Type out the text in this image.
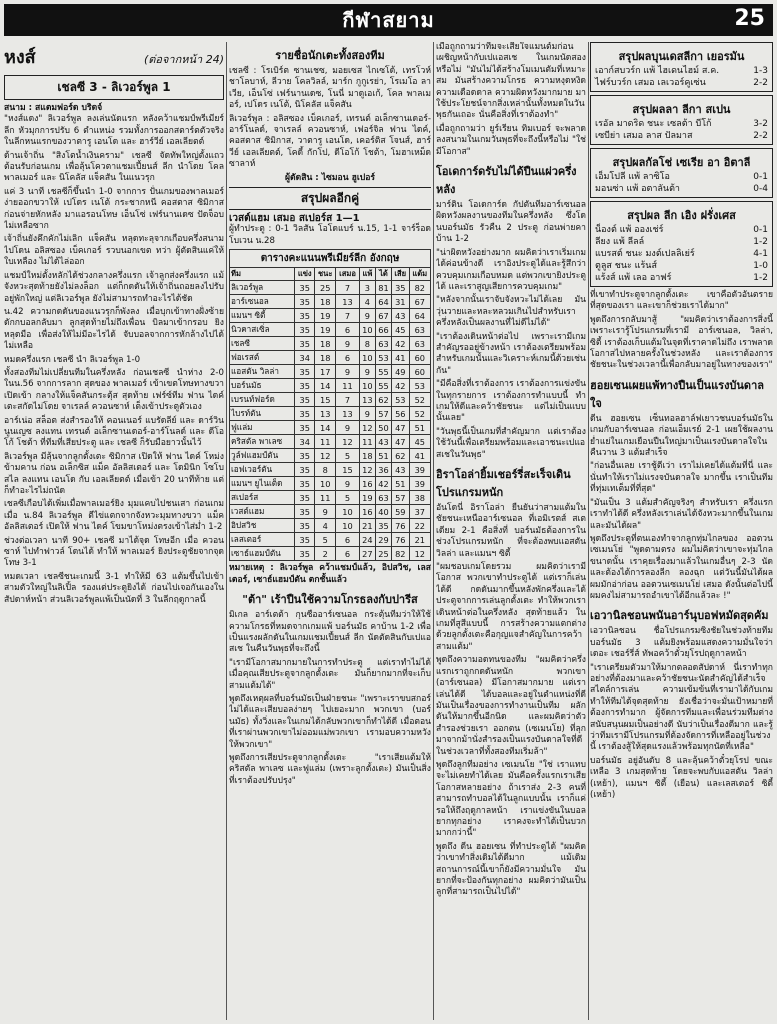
กีฬาสยาม	25
หงส์	(ต่อจากหน้า 24)
เชลซี 3 - ลิเวอร์พูล 1
สนาม : สแตมฟอร์ด บริดจ์

"หงส์แดง" ลิเวอร์พูล ลงเล่นนัดแรก หลังคว้าแชมป์พรีเมียร์ลีก หัวมุกการปรับ 6 ตำแหน่ง รวมทั้งการออกสตาร์ตตัวจริงในลีกหนแรกของวาตารู เอนโด และ ฮาร์วีย์ เอลเลียตต์

ด้านเจ้าถิ่น "สิงโตน้ำเงินคราม" เชลซี จัดทัพใหญ่ตั้งแถวต้อนรับก่อนเกม เพื่อลุ้นโควตาแชมเปี้ยนส์ ลีก นำโดย โคล พาลเมอร์ และ นิโคลัส แจ็คสัน ในแนวรุก

แค่ 3 นาที เชลซีก็ขึ้นนำ 1-0 จากการ ปั่นเกมของพาลเมอร์ ง่ายออกขวาให้ เปโดร เนโต้ กระชากหนี คอสตาส ซิมิกาส ก่อนจ่ายหักหลัง มาแอรอนโทษ เอ็นโซ่ เฟร์นานเดซ ปัดจ็อบ ไม่เหลือซาก

เจ้าถิ่นยังคึกคักไม่เลิก แจ็คสัน หลุดทะลุจากเกือบครึ่งสนามไปโดน อลิสซอง เบ็คเกอร์ รวบนอกเขต ทว่า ผู้ตัดสินแค่ให้ใบเหลือง ไม่ได้ไล่ออก

แชมป์ใหม่ตั้งหลักได้ช่วงกลางครึ่งแรก เจ้าลูกส่งครึ่งแรก แม้จังหวะสุดท้ายยังไม่ลงล็อก แต่ก็กดดันให้เจ้าถิ่นถอยลงไปรับอยู่พักใหญ่ แต่ลิเวอร์พูล ยังไม่สามารถทำอะไรได้ชัด

น.42 ความกดดันของแนวรุกก็พังลง เมื่อบุกเข้าทางฝั่งซ้าย ดักกบอลกลับมา ลูกสุดท้ายไม่ถึงเพื่อน บิลมาเข้ากรอบ ยิงหลุดมือ เพื่อส่งให้ไม่มีอะไรได้ จับบอลจากการหักล้างไปได้ ไม่เหลือ

หมดครึ่งแรก เชลซี นำ ลิเวอร์พูล 1-0

ทั้งสองทีมไม่เปลี่ยนทีมในครึ่งหลัง ก่อนเชลซี นำห่าง 2-0 ในน.56 จากการลาก สุดของ พาลเมอร์ เข้าเขตโทษทางขวา เปิดเข้า กลางให้แจ็คสันกระตุ้ส สุดท้าย เฟร์ซ์ทีม ฟาน ไดค์ เตะสกัดไม่โดย จาเรลล์ ควอนซาห์ เต็งเข้าประตูตัวเอง

อาร์เน่อ สล็อต ส่งสำรองให้ คอนเนอร์ แบรัดลีย์ และ ดาร์วิน นูนเญซ ลงแทน เทรนต์ อเล็กซานเดอร์-อาร์โนลด์ และ ดีโอโก้ โชต้า ที่ทีมที่เสียประตู และ เชลซี ก็รับมือยาวนั้นไว้

ลิเวอร์พูล มีลุ้นจากลูกตั้งเตะ ซิมิกาส เปิดให้ ฟาน ไดค์ โหม่งข้ามคาน ก่อน อเล็กซิส แม็ค อัลลิสเตอร์ และ โดมินิก โซโบสไล ลงแทน เอนโด กับ เอลเลียตต์ เมื่อเข้า 20 นาทีท้าย แต่ก็ทำอะไรไม่ถนัด

เชลซีเกือบได้เพิ่มเมื่อพาลเมอร์ยิง มุมแคบไปชนเสา ก่อนเกมเมื่อ น.84 ลิเวอร์พูล ตีไข่แตกจากจังหวะมุมทางขวา แม็ค อัลลิสเตอร์ เปิดให้ ฟาน ไดค์ โขมขาโหม่งตรงเข้าไส่ม่ำ 1-2

ช่วงต่อเวลา นาที 90+ เชลซี มาได้จุด โทษอีก เมื่อ ควอนซาห์ ไปทำฟาวล์ โดนได้ ทำให้ พาลเมอร์ ยิงประตูชัยจากจุดโทษ 3-1

หมดเวลา เชลซีชนะเกมนี้ 3-1 ทำให้มี 63 แต้มขึ้นไปเข้าสามตัวใหญ่ในลิเปิ้ล รองแต่ประตูยิงได้ ก่อนไปเจอกันเองในสัปดาห์หน้า ส่วนลิเวอร์พูลแพ้เป็นนัดที่ 3 ในลีกฤดูกาลนี้

รายชื่อนักเตะทั้งสองทีม

เชลซี : โรเบิร์ต ซานเชซ, มอยเซส ไกเซโด้, เทรโวห์ ชาโลบาห์, ลีวาย โคลวิลล์, มาร์ก กูกูเรย่า, โรเมโอ ลาเวีย, เอ็นโซ่ เฟร์นานเดซ, โนนี่ มาดูเอเก้, โคล พาลเมอร์, เปโดร เนโต้, นิโคลัส แจ็คสัน

ลิเวอร์พูล : อลิสซอง เบ็คเกอร์, เทรนต์ อเล็กซานเดอร์-อาร์โนลด์, จาเรลล์ ควอนซาห์, เฟอร์จิล ฟาน ไดค์, คอสตาส ซิมิกาส, วาตารู เอนโด, เคอร์ติส โจนส์, ฮาร์วีย์ เอลเลียตต์, โคดี้ กักโป, ดีโอโก้ โชต้า, โมฮาเหม็ด ซาลาห์

ผู้ตัดสิน : ไซมอน ฮูเปอร์
สรุปผลอีกคู่
เวสต์แฮม เสมอ สเปอร์ส 1—1

ผู้ทำประตู : 0-1 วิลสัน โอโดแบร์ น.15, 1-1 จาร์ร็อด โบเวน น.28

ตารางคะแนนพรีเมียร์ลีก อังกฤษ
ทีม	แข่ง	ชนะ	เสมอ	แพ้	ได้	เสีย	แต้ม
ลิเวอร์พูล	35	25	7	3	81	35	82
อาร์เซนอล	35	18	13	4	64	31	67
แมนฯ ซิตี้	35	19	7	9	67	43	64
นิวคาสเซิ่ล	35	19	6	10	66	45	63
เชลซี	35	18	9	8	63	42	63
ฟอเรสต์	34	18	6	10	53	41	60
แอสตัน วิลล่า	35	17	9	9	55	49	60
บอร์นมัธ	35	14	11	10	55	42	53
เบรนท์ฟอร์ด	35	15	7	13	62	53	52
ไบรท์ตัน	35	13	13	9	57	56	52
ฟูแล่ม	35	14	9	12	50	47	51
คริสตัล พาเลซ	34	11	12	11	43	47	45
วูล์ฟแฮมป์ตัน	35	12	5	18	51	62	41
เอฟเวอร์ตัน	35	8	15	12	36	43	39
แมนฯ ยูไนเต็ด	35	10	9	16	42	51	39
สเปอร์ส	35	11	5	19	63	57	38
เวสต์แฮม	35	9	10	16	40	59	37
อิปสวิช	35	4	10	21	35	76	22
เลสเตอร์	35	5	6	24	29	76	21
เซาธ์แฮมป์ตัน	35	2	6	27	25	82	12

หมายเหตุ : ลิเวอร์พูล คว้าแชมป์แล้ว, อิปสวิช, เลสเตอร์, เซาธ์แฮมป์ตัน ตกชั้นแล้ว

"ต้า" เร้าปืนใช้ความโกรธลงกับปารีส

มิเกล อาร์เตต้า กุนซืออาร์เซนอล กระตุ้นทีมว่าให้ใช้ความโกรธที่หมดจากเกมแพ้ บอร์นมัธ คาบ้าน 1-2 เพื่อเป็นแรงผลักดันในเกมแชมเปี้ยนส์ ลีก นัดตัดสินกับเปแอสเช ในคืนวันพุธที่จะถึงนี้

"เรามีโอกาสมากมายในการทำประตู แต่เราทำไม่ได้ เมื่อคุณเสียประตูจากลูกตั้งเตะ มันก็ยากมากที่จะเก็บสามแต้มได้"

พูดถึงเหตุผลที่บอร์นมัธเป็นฝ่ายชนะ "เพราะเราขบสกอร์ไม่ได้และเสียบอลง่ายๆ ไปเยอะมาก พวกเขา (บอร์นมัธ) ทั้งวิ่งและในเกมได้กลับพวกเขาก็ทำได้ดี เมื่อตอนที่เราผ่านพวกเขาไม่ออมแม่พวกเขา เรามอบความหวังให้พวกเขา"

พูดถึงการเสียประตูจากลูกตั้งเตะ "เราเสียแต้มให้คริสตัล พาเลซ และฟูแล่ม (เพราะลูกตั้งเตะ) มันเป็นสิ่งที่เราต้องปรับปรุง"

เมื่อถูกถามว่าทีมจะเสียใจแมนต์มก่อนเผชิญหน้ากับเปแอสเช ในเกมนัดสอง หรือไม่ "มันไม่ได้สร้างโมเมนตัมที่เหมาะสม มันสร้างความโกรธ ความหงุดหงิด ความเดือดดาล ความผิดหวังมากมาย มาใช้ประโยชน์จากสิ่งเหล่านั้นทั้งหมดในวันพุธกันเถอะ นั่นคือสิ่งที่เราต้องทำ"

เมื่อถูกถามว่า ยูร์เรียน ทิมเบอร์ จะพลาดลงสนามในเกมวันพุธที่จะถึงนี้หรือไม่ "ใช่ มีโอกาส"

โอเดการ์ดรับไม่ได้ปืนแผ่วครึ่งหลัง

มาร์ติน โอเดการ์ด กัปตันทีมอาร์เซนอล ผิดหวังผลงานของทีมในครึ่งหลัง ซึ่งโดนบอร์นมัธ รัวคืน 2 ประตู ก่อนพ่ายคาบ้าน 1-2

"น่าผิดหวังอย่างมาก ผมคิดว่าเราเริ่มเกมได้ค่อนข้างดี เราอิงประตูได้และรู้สึกว่าควบคุมเกมเกือบหมด แต่พวกเขายิงประตูได้ และเราสูญเสียการควบคุมเกม"

"หลังจากนั้นเราจับจังหวะไม่ได้เลย มันวุ่นวายและหละหลวมเกินไปสำหรับเราครึ่งหลังเป็นผลงานที่ไม่ดีไม่ได้"

"เราต้องเดินหน้าต่อไป เพราะเรามีเกมสำคัญรออยู่ข้างหน้า เราต้องเตรียมพร้อมสำหรับเกมนั้นและวิเคราะห์เกมนี้ด้วยเช่นกัน"

"มีคือสิ่งที่เราต้องการ เราต้องการแข่งขันในทุกรายการ เราต้องการทำแบบนี้ ทำเกมให้ดีและคว้าชัยชนะ แต่ไม่เป็นแบบนั้นเลย"

"วันพุธนี้เป็นเกมที่สำคัญมาก แต่เราต้องใช้วันนี้เพื่อเตรียมพร้อมและเอาชนะเปแอสเชในวันพุธ"

อิราโอล่ายิ้มเชอร์รี่สะเร็จเดินโปรแกรมหนัก

อันโดนี่ อิราโอล่า ยืนยันว่าสามแต้มในชัยชนะเหนืออาร์เซนอล ที่เอมิเรตส์ สเตเดียม 2-1 คือสิ่งที่ บอร์นมัธต้องการในช่วงโปรแกรมหนัก ที่จะต้องพบแอสตัน วิลล่า และแมนฯ ซิตี้

"ผมชอบเกมโดยรวม ผมคิดว่าเรามีโอกาส พวกเขาทำประตูได้ แต่เราก็เล่นได้ดี กดดันมากขึ้นหลังพักครึ่งและได้ประตูจากการเล่นลูกตั้งเตะ ทำให้พวกเราเดินหน้าต่อในครึ่งหลัง สุดท้ายแล้ว ในเกมที่สูสีแบบนี้ การสร้างความแตกต่างด้วยลูกตั้งเตะคือกุญแจสำคัญในการคว้าสามแต้ม"

พูดถึงความอดทนของทีม "ผมคิดว่าครึ่งแรกเราถูกกดดันหนัก พวกเขา (อาร์เซนอล) มีโอกาสมากมาย แต่เราเล่นได้ดี ได้บอลและอยู่ในตำแหน่งที่ดี มันเป็นเรื่องของการทำงานเป็นทีม ผลักดันให้มากขึ้นอีกนิด และผมคิดว่าตัวสำรองช่วยเรา ออกตน (เซเมนโย) ที่ลุกมาจากม้านั่งสำรองเป็นแรงบันดาลใจที่ดีในช่วงเวลาที่ทั้งสองทีมเริ่มล้า"

พูดถึงลูกทีมอย่าง เซเมนโย "ใช่ เราแทบจะไม่เคยทำได้เลย มันคือครั้งแรกเราเสียโอกาสหลายอย่าง ถ้าเราส่ง 2-3 คนที่สามารถทำบอลได้ในลูกแบบนั้น เราก็แค่รอให้ถึงฤดูกาลหน้า เราแข่งขันในบอลยากทุกอย่าง เราคงจะทำได้เป็นบวกมากกว่านี้"

พูดถึง ดีน ฮอยเซน ที่ทำประตูได้ "ผมคิดว่าเขาทำสิ่งเดิมได้ดีมาก แม้เดิมสถานการณ์นี้เขาก็ยังมีความมั่นใจ มันยากที่จะป้องกันทุกอย่าง ผมคิดว่ามันเป็นลูกที่สามารถเป็นไปได้"

สรุปผลบุนเดสลีกา เยอรมัน
เอาก์สบวร์ก แพ้ ไฮเดนไฮม์ ส.ค.	1-3
ไฟร์บวร์ก เสมอ เลเวอร์คูเซ่น	2-2
สรุปผลลา ลีกา สเปน
เรอัล มาดริด ชนะ เซลต้า บีโก้	3-2
เซบีย่า เสมอ ลาส ปัลมาส	2-2
สรุปผลกัลโช่ เซเรีย อา อิตาลี
เอ็มโปลี แพ้ ลาซิโอ	0-1
มอนซ่า แพ้ อตาลันต้า	0-4
สรุปผล ลีก เอิง ฝรั่งเศส
น็องต์ แพ้ อองเช่ร์	0-1
ลียง แพ้ ลีลล์	1-2
แบรสต์ ชนะ มงต์เปลลิเย่ร์	4-1
ตูลูส ชนะ แร้นส์	1-0
แร้งส์ แพ้ เลอ อาฟร์	1-2

ที่เขาทำประตูจากลูกตั้งเตะ เขาคือตัวอันตรายที่สุดของเรา และเขาก็ช่วยเราได้มาก"

พูดถึงการกลับมาสู้ "ผมคิดว่าเราต้องการสิ่งนี้เพราะเรารู้โปรแกรมที่เรามี อาร์เซนอล, วิลล่า, ซิตี้ เราต้องเก็บแต้มในจุดที่เราคาดไม่ถึง เราพลาดโอกาสไปหลายครั้งในช่วงหลัง และเราต้องการชัยชนะในช่วงเวลานี้เพื่อกลับมาอยู่ในทางของเรา"

ฮอยเซนเผยแพ้ทางปืนเป็นแรงบันดาลใจ

ดีน ฮอยเซน เซ็นทอลฮาล์ฟเยาวชนบอร์นมัธในเกมกับอาร์เซนอล ก่อนเอ็มเรย์ 2-1 เผยใช้ผลงานย่ำแย่ในเกมเยือนปืนใหญ่มาเป็นแรงบันดาลใจในคืนวาน 3 แต้มสำเร็จ

"ก่อนอื่นเลย เราชู้ตีเว่า เราไม่เคยได้แต้มที่นี่ และนั่นทำให้เราไม่แรงจบันดาลใจ มากขึ้น เราเป็นทีมที่ทุ่มเทเต็มที่ที่สุด"

"มันเป็น 3 แต้มสำคัญจริงๆ สำหรับเรา ครึ่งแรกเราทำได้ดี ครึ่งหลังเราเล่นได้จังหวะมากขึ้นในเกม และมันได้ผล"

พูดถึงประตูที่ตนเองทำจากลูกทุ่มไกลของ ออตวน เซเมนโย่ "พูดตามตรง ผมไม่คิดว่าเขาจะทุ่มไกลขนาดนั้น เราคุยเรื่องมาแล้วในเกมอื่นๆ 2-3 นัด และต้องได้การลองลีก ลองฉุก แต่วันนี้มันได้ผล ผมมักอ่าก่อน ออตวนเซเมนโย่ เสมอ ดังนั้นต่อไปนี้ผมคงไม่สามารถอำเขาได้อีกแล้วละ !"

เอวานิลชอนพนันอาร์นุบอฟหมัดสุดคัม

เอวานิลชอน ชื่อโปรแกรมซิงชัยในช่วงท้ายทีมบอร์นมัธ 3 แต้มยิงพร้อมแสดงความมั่นใจว่า เดอะ เชอร์รี่ส์ ทัพอคว้าตั๋วยุโรปฤดูกาลหน้า

"เราเตรียมตัวมาให้มากตลอดสัปดาห์ นี่เราทำทุกอย่างที่ต้องมาและคว้าชัยชนะนัดสำคัญได้สำเร็จ สไตล์การเล่น ความเข้มข้นที่เรามาได้กับเกม ทำให้ทีมได้จุดสุดท้าย ยังเชื่อว่าจะมั่นเป้าหมายที่ต้องการทำมาก ผู้จัดการทีมและเพื่อนร่วมทีมต่างสนับสนุนผมเป็นอย่างดี นับว่าเป็นเรื่องดีมาก และรู้ว่าทีมเรามีโปรแกรมที่ต้องจัดการที่เหลืออยู่ในช่วงนี้ เราต้องสู้ให้สุดแรงแล้วพร้อมทุกนัดที่เหลือ"

บอร์นมัธ อยู่อันดับ 8 และลุ้นคว้าตั๋วยุโรป ขณะเหลือ 3 เกมสุดท้าย โดยจะพบกับแอสตัน วิลล่า (เหย้า), แมนฯ ซิตี้ (เยือน) และเลสเตอร์ ซิตี้ (เหย้า)
